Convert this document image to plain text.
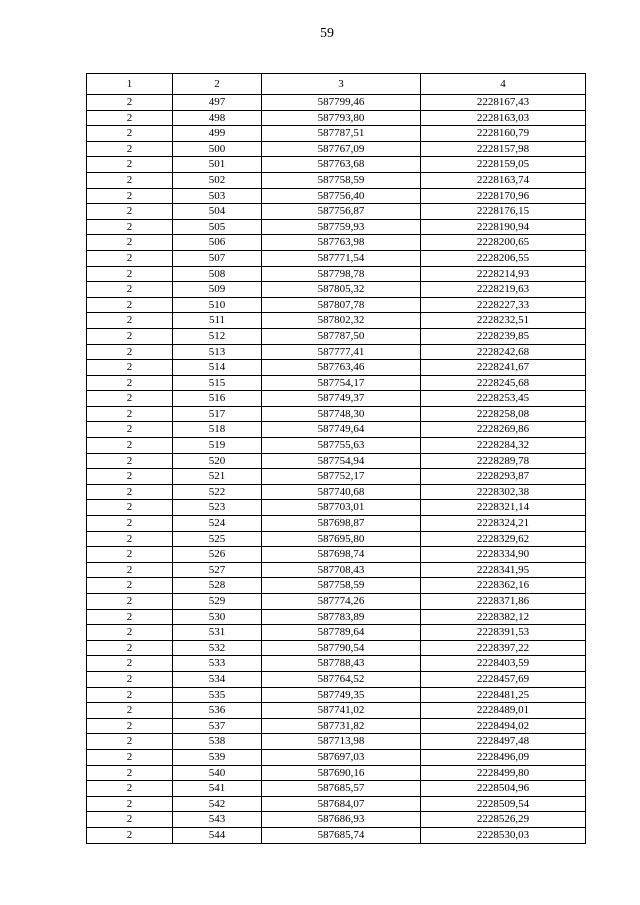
59
1	2	3	4
2	497	587799,46	2228167,43
2	498	587793,80	2228163,03
2	499	587787,51	2228160,79
2	500	587767,09	2228157,98
2	501	587763,68	2228159,05
2	502	587758,59	2228163,74
2	503	587756,40	2228170,96
2	504	587756,87	2228176,15
2	505	587759,93	2228190,94
2	506	587763,98	2228200,65
2	507	587771,54	2228206,55
2	508	587798,78	2228214,93
2	509	587805,32	2228219,63
2	510	587807,78	2228227,33
2	511	587802,32	2228232,51
2	512	587787,50	2228239,85
2	513	587777,41	2228242,68
2	514	587763,46	2228241,67
2	515	587754,17	2228245,68
2	516	587749,37	2228253,45
2	517	587748,30	2228258,08
2	518	587749,64	2228269,86
2	519	587755,63	2228284,32
2	520	587754,94	2228289,78
2	521	587752,17	2228293,87
2	522	587740,68	2228302,38
2	523	587703,01	2228321,14
2	524	587698,87	2228324,21
2	525	587695,80	2228329,62
2	526	587698,74	2228334,90
2	527	587708,43	2228341,95
2	528	587758,59	2228362,16
2	529	587774,26	2228371,86
2	530	587783,89	2228382,12
2	531	587789,64	2228391,53
2	532	587790,54	2228397,22
2	533	587788,43	2228403,59
2	534	587764,52	2228457,69
2	535	587749,35	2228481,25
2	536	587741,02	2228489,01
2	537	587731,82	2228494,02
2	538	587713,98	2228497,48
2	539	587697,03	2228496,09
2	540	587690,16	2228499,80
2	541	587685,57	2228504,96
2	542	587684,07	2228509,54
2	543	587686,93	2228526,29
2	544	587685,74	2228530,03
